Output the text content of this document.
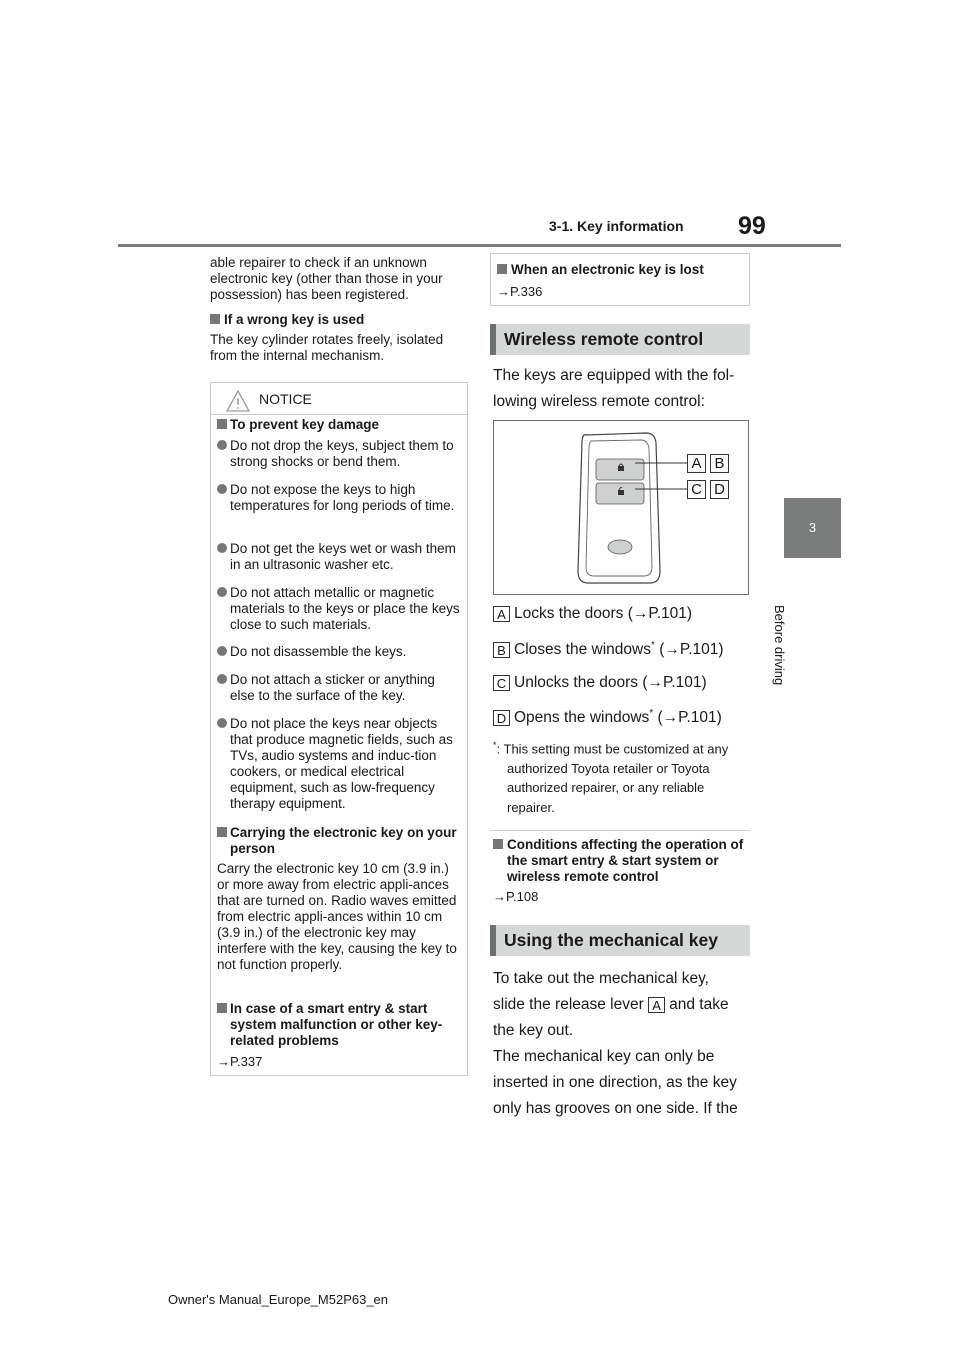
3-1. Key information 99
3
Before driving
able repairer to check if an unknown electronic key (other than those in your possession) has been registered.
If a wrong key is used
The key cylinder rotates freely, isolated from the internal mechanism.
NOTICE
To prevent key damage
Do not drop the keys, subject them to strong shocks or bend them.
Do not expose the keys to high temperatures for long periods of time.
Do not get the keys wet or wash them in an ultrasonic washer etc.
Do not attach metallic or magnetic materials to the keys or place the keys close to such materials.
Do not disassemble the keys.
Do not attach a sticker or anything else to the surface of the key.
Do not place the keys near objects that produce magnetic fields, such as TVs, audio systems and induc-tion cookers, or medical electrical equipment, such as low-frequency therapy equipment.
Carrying the electronic key on your person
Carry the electronic key 10 cm (3.9 in.) or more away from electric appli-ances that are turned on. Radio waves emitted from electric appli-ances within 10 cm (3.9 in.) of the electronic key may interfere with the key, causing the key to not function properly.
In case of a smart entry & start system malfunction or other key-related problems
→P.337
When an electronic key is lost
→P.336
Wireless remote control
The keys are equipped with the fol-
lowing wireless remote control:
A B
C D
A Locks the doors (→P.101)
B Closes the windows* (→P.101)
C Unlocks the doors (→P.101)
D Opens the windows* (→P.101)
*: This setting must be customized at any authorized Toyota retailer or Toyota authorized repairer, or any reliable repairer.
Conditions affecting the operation of the smart entry & start system or wireless remote control
→P.108
Using the mechanical key
To take out the mechanical key,
slide the release lever A and take
the key out.
The mechanical key can only be
inserted in one direction, as the key
only has grooves on one side. If the
Owner's Manual_Europe_M52P63_en
